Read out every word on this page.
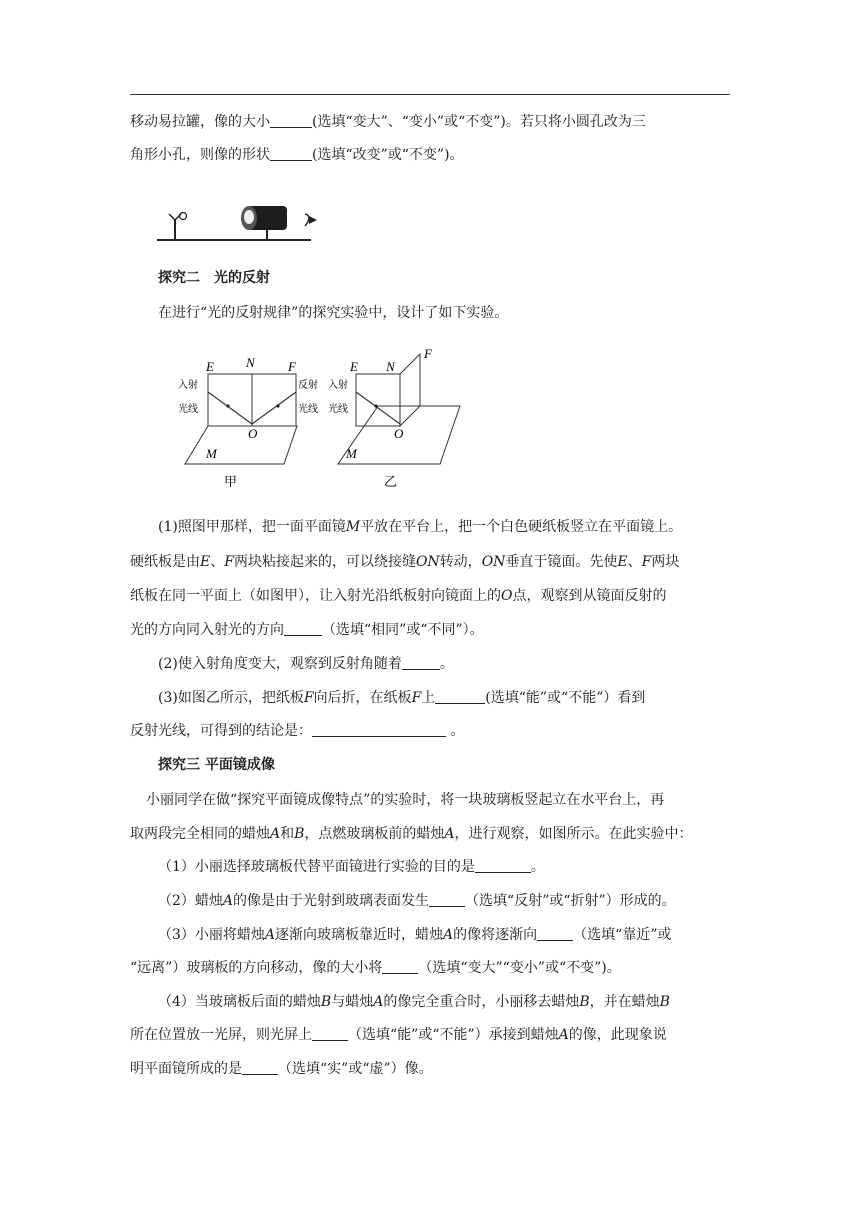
移动易拉罐，像的大小	(选填“变大”、“变小”或“不变”)。若只将小圆孔改为三
角形小孔，则像的形状	(选填“改变”或“不变”)。
探究二　光的反射
在进行“光的反射规律”的探究实验中，设计了如下实验。
E N	F
O
M
入射
光线
反射
光线
甲
E N
F
O
M
入射
光线
乙
(1)照图甲那样，把一面平面镜M平放在平台上，把一个白色硬纸板竖立在平面镜上。
硬纸板是由E、F两块粘接起来的，可以绕接缝ON转动，ON垂直于镜面。先使E、F两块
纸板在同一平面上（如图甲），让入射光沿纸板射向镜面上的O点，观察到从镜面反射的
光的方向同入射光的方向	（选填“相同”或“不同”）。
(2)使入射角度变大，观察到反射角随着	。
(3)如图乙所示，把纸板F向后折，在纸板F上	(选填“能”或“不能”）看到
反射光线，可得到的结论是：	。
探究三 平面镜成像
小丽同学在做“探究平面镜成像特点”的实验时，将一块玻璃板竖起立在水平台上，再
取两段完全相同的蜡烛A和B，点燃玻璃板前的蜡烛A，进行观察，如图所示。在此实验中：
（1）小丽选择玻璃板代替平面镜进行实验的目的是	。
（2）蜡烛A的像是由于光射到玻璃表面发生	（选填“反射”或“折射”）形成的。
（3）小丽将蜡烛A逐渐向玻璃板靠近时，蜡烛A的像将逐渐向	（选填“靠近”或
“远离”）玻璃板的方向移动，像的大小将	（选填“变大”“变小”或“不变”)。
（4）当玻璃板后面的蜡烛B与蜡烛A的像完全重合时，小丽移去蜡烛B，并在蜡烛B
所在位置放一光屏，则光屏上	（选填“能”或“不能”）承接到蜡烛A的像，此现象说
明平面镜所成的是	（选填“实”或“虚”）像。
